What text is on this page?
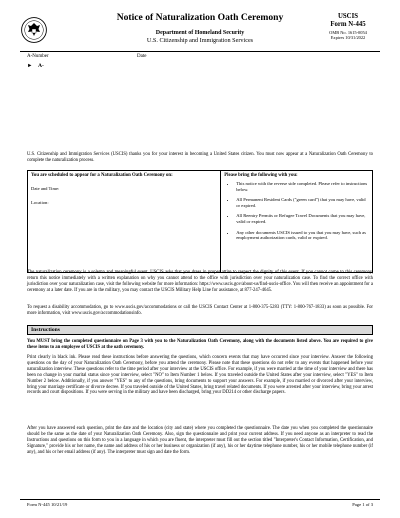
Notice of Naturalization Oath Ceremony
Department of Homeland Security
U.S. Citizenship and Immigration Services
USCIS
Form N-445
OMB No. 1615-0054
Expires 10/31/2022
A-Number	Date
► A-
U.S. Citizenship and Immigration Services (USCIS) thanks you for your interest in becoming a United States citizen. You must now appear at a Naturalization Oath Ceremony to complete the naturalization process.
You are scheduled to appear for a Naturalization Oath Ceremony on:
Date and Time:
Location:

Please bring the following with you:
• This notice with the reverse side completed. Please refer to instructions below.
• All Permanent Resident Cards ("green card") that you may have, valid or expired.
• All Reentry Permits or Refugee Travel Documents that you may have, valid or expired.
• Any other documents USCIS issued to you that you may have, such as employment authorization cards, valid or expired.
The naturalization ceremony is a solemn and meaningful event. USCIS asks that you dress in proper attire to respect the dignity of this event. If you cannot come to this ceremony, return this notice immediately with a written explanation on why you cannot attend to the office with jurisdiction over your naturalization case. To find the correct office with jurisdiction over your naturalization case, visit the following website for more information: https://www.uscis.gov/about-us/find-uscis-office. You will then receive an appointment for a ceremony at a later date. If you are in the military, you may contact the USCIS Military Help Line for assistance, at 877-247-4645.
To request a disability accommodation, go to www.uscis.gov/accommodations or call the USCIS Contact Center at 1-800-375-5283 (TTY: 1-800-767-1833) as soon as possible. For more information, visit www.uscis.gov/accommodationsinfo.
Instructions
You MUST bring the completed questionnaire on Page 3 with you to the Naturalization Oath Ceremony, along with the documents listed above. You are required to give these items to an employee of USCIS at the oath ceremony.
Print clearly in black ink. Please read these instructions before answering the questions, which concern events that may have occurred since your interview. Answer the following questions on the day of your Naturalization Oath Ceremony, before you attend the ceremony. Please note that these questions do not refer to any events that happened before your naturalization interview. These questions refer to the time period after your interview at the USCIS office. For example, if you were married at the time of your interview and there has been no change in your marital status since your interview, select "NO" to Item Number 1 below. If you traveled outside the United States after your interview, select "YES" to Item Number 2 below. Additionally, if you answer "YES" to any of the questions, bring documents to support your answers. For example, if you married or divorced after your interview, bring your marriage certificate or divorce decree. If you traveled outside of the United States, bring travel related documents. If you were arrested after your interview, bring your arrest records and court dispositions. If you were serving in the military and have been discharged, bring your DD214 or other discharge papers.
After you have answered each question, print the date and the location (city and state) where you completed the questionnaire. The date you when you completed the questionnaire should be the same as the date of your Naturalization Oath Ceremony. Also, sign the questionnaire and print your current address. If you need anyone as an interpreter to read the Instructions and questions on this form to you in a language in which you are fluent, the interpreter must fill out the section titled "Interpreter's Contact Information, Certification, and Signature," provide his or her name, the name and address of his or her business or organization (if any), his or her daytime telephone number, his or her mobile telephone number (if any), and his or her email address (if any). The interpreter must sign and date the form.
Form N-445 10/21/19	Page 1 of 3
